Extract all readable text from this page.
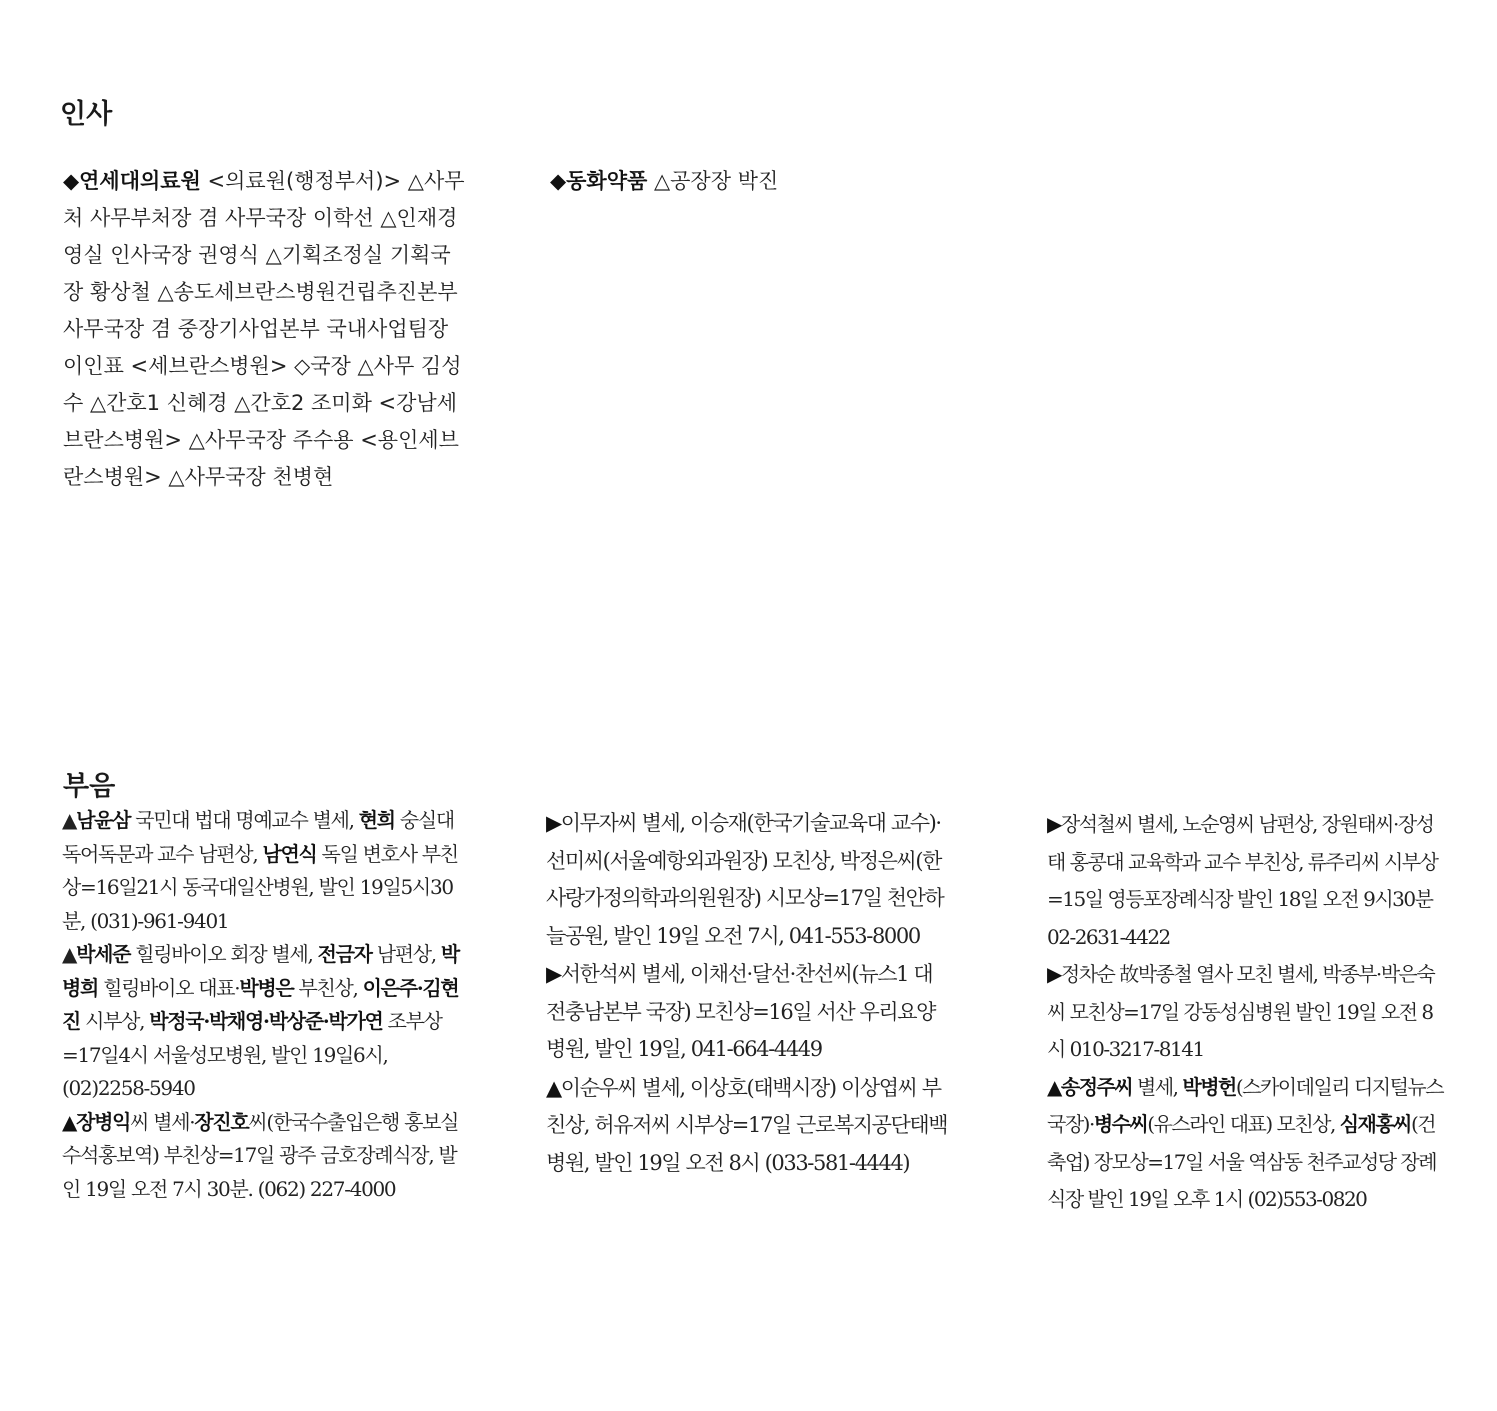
인사
◆연세대의료원 <의료원(행정부서)> △사무처 사무부처장 겸 사무국장 이학선 △인재경영실 인사국장 권영식 △기획조정실 기획국장 황상철 △송도세브란스병원건립추진본부 사무국장 겸 중장기사업본부 국내사업팀장 이인표 <세브란스병원> ◇국장 △사무 김성수 △간호1 신혜경 △간호2 조미화 <강남세브란스병원> △사무국장 주수용 <용인세브란스병원> △사무국장 천병현
◆동화약품 △공장장 박진
부음

▲남윤삼 국민대 법대 명예교수 별세, 현희 숭실대 독어독문과 교수 남편상, 남연식 독일 변호사 부친상=16일21시 동국대일산병원, 발인 19일5시30분, (031)-961-9401

▲박세준 힐링바이오 회장 별세, 전금자 남편상, 박병희 힐링바이오 대표·박병은 부친상, 이은주·김현진 시부상, 박정국·박채영·박상준·박가연 조부상=17일4시 서울성모병원, 발인 19일6시, (02)2258-5940

▲장병익씨 별세·장진호씨(한국수출입은행 홍보실수석홍보역) 부친상=17일 광주 금호장례식장, 발인 19일 오전 7시 30분. (062) 227-4000

▶이무자씨 별세, 이승재(한국기술교육대 교수)·선미씨(서울예항외과원장) 모친상, 박정은씨(한사랑가정의학과의원원장) 시모상=17일 천안하늘공원, 발인 19일 오전 7시, 041-553-8000

▶서한석씨 별세, 이채선·달선·찬선씨(뉴스1 대전충남본부 국장) 모친상=16일 서산 우리요양병원, 발인 19일, 041-664-4449

▲이순우씨 별세, 이상호(태백시장) 이상엽씨 부친상, 허유저씨 시부상=17일 근로복지공단태백병원, 발인 19일 오전 8시 (033-581-4444)

▶장석철씨 별세, 노순영씨 남편상, 장원태씨·장성태 홍콩대 교육학과 교수 부친상, 류주리씨 시부상=15일 영등포장례식장 발인 18일 오전 9시30분 02-2631-4422

▶정차순 故박종철 열사 모친 별세, 박종부·박은숙씨 모친상=17일 강동성심병원 발인 19일 오전 8시 010-3217-8141

▲송정주씨 별세, 박병헌(스카이데일리 디지털뉴스국장)·병수씨(유스라인 대표) 모친상, 심재홍씨(건축업) 장모상=17일 서울 역삼동 천주교성당 장례식장 발인 19일 오후 1시 (02)553-0820
